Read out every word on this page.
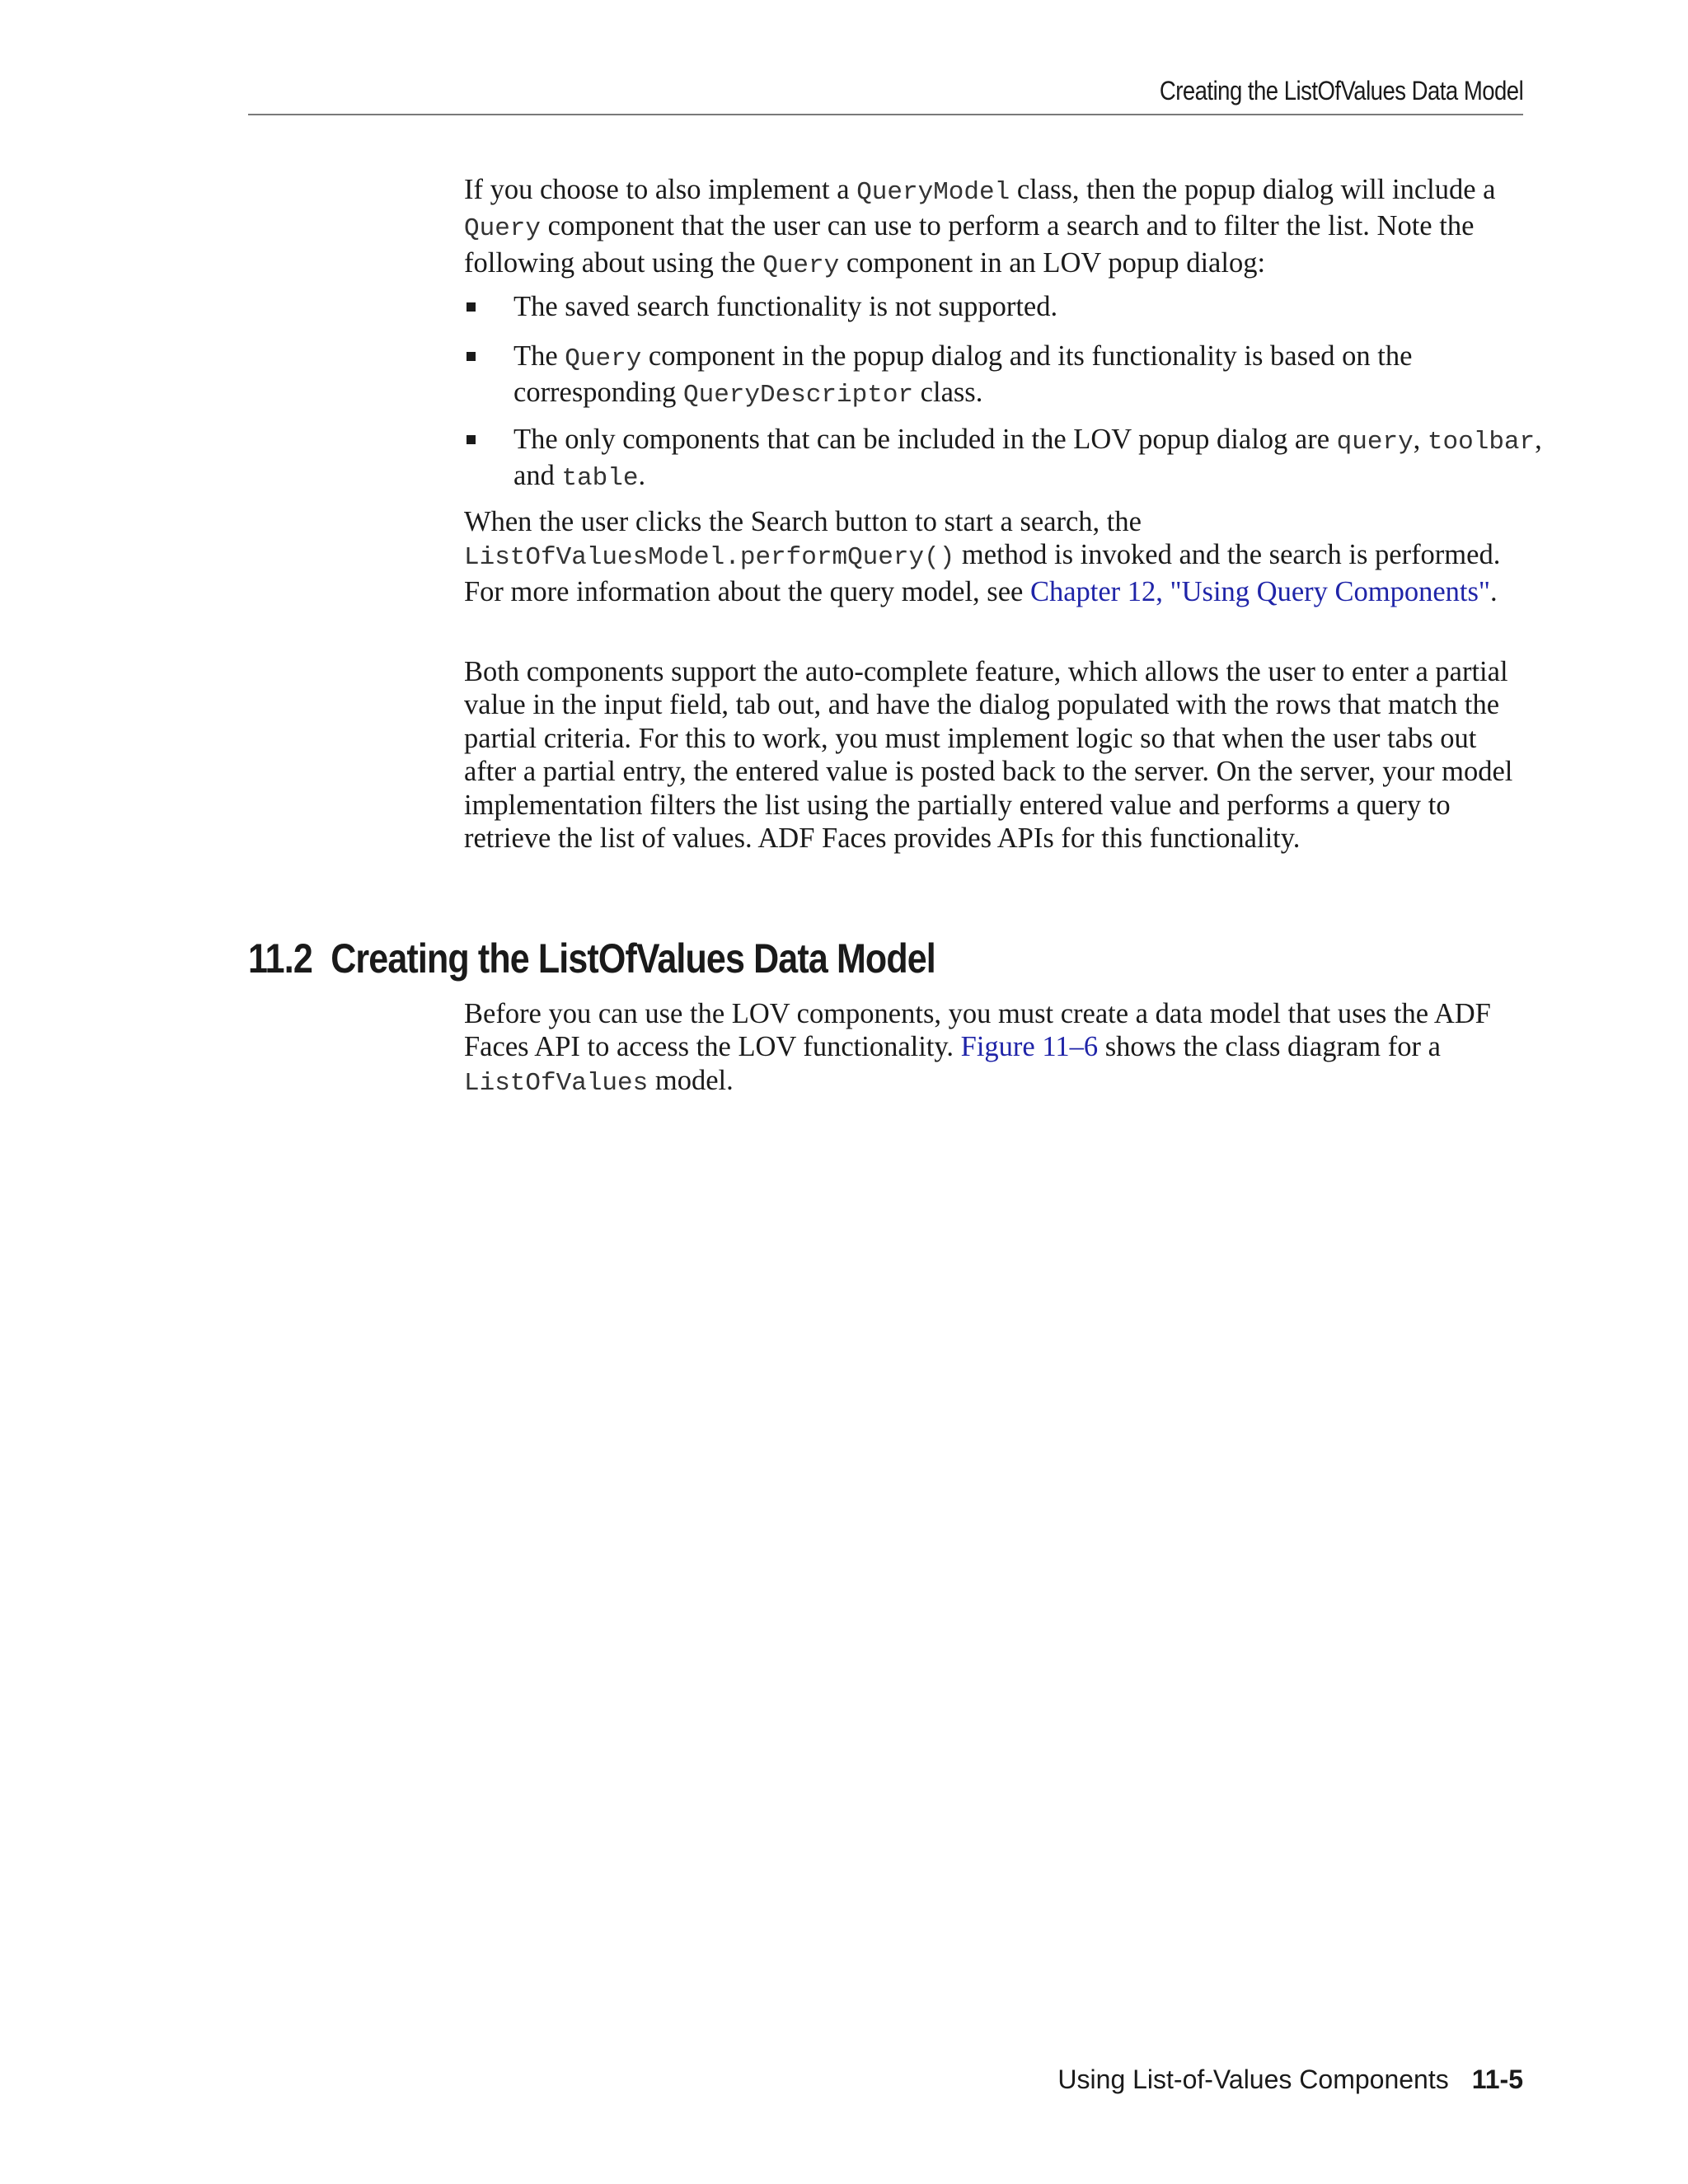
Creating the ListOfValues Data Model

If you choose to also implement a QueryModel class, then the popup dialog will include a Query component that the user can use to perform a search and to filter the list. Note the following about using the Query component in an LOV popup dialog:

The saved search functionality is not supported.
The Query component in the popup dialog and its functionality is based on the corresponding QueryDescriptor class.
The only components that can be included in the LOV popup dialog are query, toolbar, and table.

When the user clicks the Search button to start a search, the ListOfValuesModel.performQuery() method is invoked and the search is performed. For more information about the query model, see Chapter 12, "Using Query Components".

Both components support the auto-complete feature, which allows the user to enter a partial value in the input field, tab out, and have the dialog populated with the rows that match the partial criteria. For this to work, you must implement logic so that when the user tabs out after a partial entry, the entered value is posted back to the server. On the server, your model implementation filters the list using the partially entered value and performs a query to retrieve the list of values. ADF Faces provides APIs for this functionality.

11.2 Creating the ListOfValues Data Model

Before you can use the LOV components, you must create a data model that uses the ADF Faces API to access the LOV functionality. Figure 11–6 shows the class diagram for a ListOfValues model.

Using List-of-Values Components 11-5
